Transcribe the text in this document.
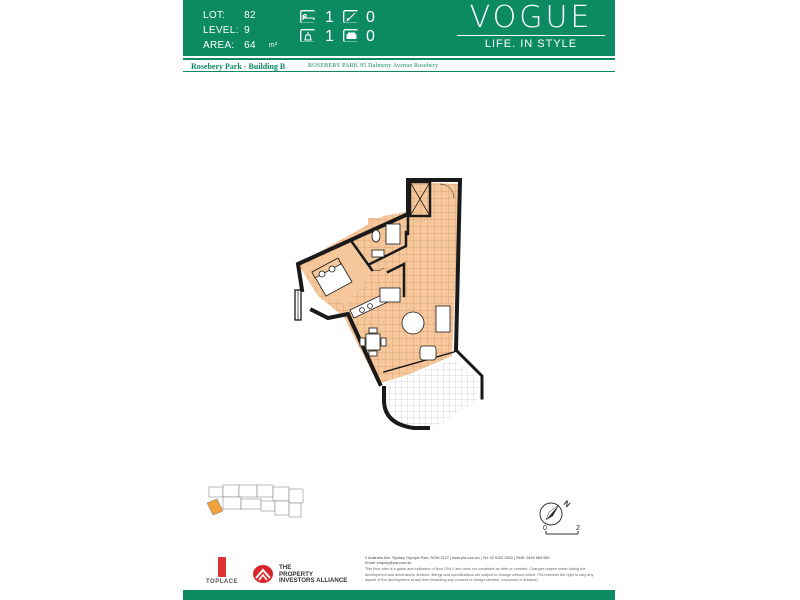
LOT: 82
LEVEL: 9
AREA: 64 $^{m^2}$
1 0
1 0
VOGUE
LIFE. IN STYLE
Rosebery Park - Building B	ROSEBERY PARK 95 Dalmeny Avenue Rosebery
N
0	2
TOPLACE
THE
PROPERTY
INVESTORS ALLIANCE
2 Australia Ave, Sydney Olympic Park, NSW 2127 | www.pia.com.au | Tel: 02 9152 2800 | SMS: 0449 669 583
Email: enquiry@pia.com.au
This floor plan is a guide and indicative of floor ONLY and does not constitute an offer or contract. Changes maybe made during the development and dimensions, finishes, fittings and specifications are subject to change without notice. PIA reserves the right to vary any aspect of the development at any time (including any consent or design element, inclusions or finishes).
